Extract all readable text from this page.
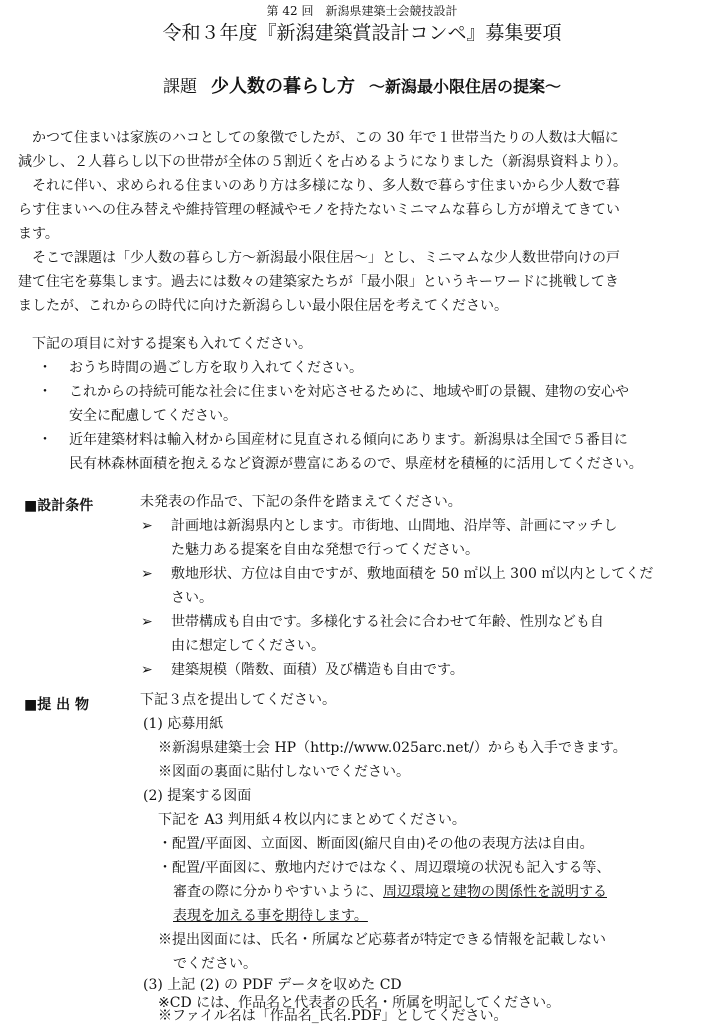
第 42 回　新潟県建築士会競技設計
令和３年度『新潟建築賞設計コンペ』募集要項
課題 少人数の暮らし方 〜新潟最小限住居の提案〜
　かつて住まいは家族のハコとしての象徴でしたが、この 30 年で１世帯当たりの人数は大幅に
減少し、２人暮らし以下の世帯が全体の５割近くを占めるようになりました（新潟県資料より）。
　それに伴い、求められる住まいのあり方は多様になり、多人数で暮らす住まいから少人数で暮
らす住まいへの住み替えや維持管理の軽減やモノを持たないミニマムな暮らし方が増えてきてい
ます。
　そこで課題は「少人数の暮らし方〜新潟最小限住居〜」とし、ミニマムな少人数世帯向けの戸
建て住宅を募集します。過去には数々の建築家たちが「最小限」というキーワードに挑戦してき
ましたが、これからの時代に向けた新潟らしい最小限住居を考えてください。
　下記の項目に対する提案も入れてください。
・ おうち時間の過ごし方を取り入れてください。
・ これからの持続可能な社会に住まいを対応させるために、地域や町の景観、建物の安心や
安全に配慮してください。
・ 近年建築材料は輸入材から国産材に見直される傾向にあります。新潟県は全国で５番目に
民有林森林面積を抱えるなど資源が豊富にあるので、県産材を積極的に活用してください。
■設計条件	未発表の作品で、下記の条件を踏まえてください。
➢ 計画地は新潟県内とします。市街地、山間地、沿岸等、計画にマッチし
た魅力ある提案を自由な発想で行ってください。
➢ 敷地形状、方位は自由ですが、敷地面積を 50 ㎡以上 300 ㎡以内としてくだ
さい。
➢ 世帯構成も自由です。多様化する社会に合わせて年齢、性別なども自
由に想定してください。
➢ 建築規模（階数、面積）及び構造も自由です。
■提 出 物	下記３点を提出してください。
(1) 応募用紙
※新潟県建築士会 HP（http://www.025arc.net/）からも入手できます。
※図面の裏面に貼付しないでください。
(2) 提案する図面
下記を A3 判用紙４枚以内にまとめてください。
・配置/平面図、立面図、断面図(縮尺自由)その他の表現方法は自由。
・配置/平面図に、敷地内だけではなく、周辺環境の状況も記入する等、
審査の際に分かりやすいように、周辺環境と建物の関係性を説明する
表現を加える事を期待します。
※提出図面には、氏名・所属など応募者が特定できる情報を記載しない
でください。
(3) 上記 (2) の PDF データを収めた CD
※CD には、作品名と代表者の氏名・所属を明記してください。
※ファイル名は「作品名_氏名.PDF」としてください。
